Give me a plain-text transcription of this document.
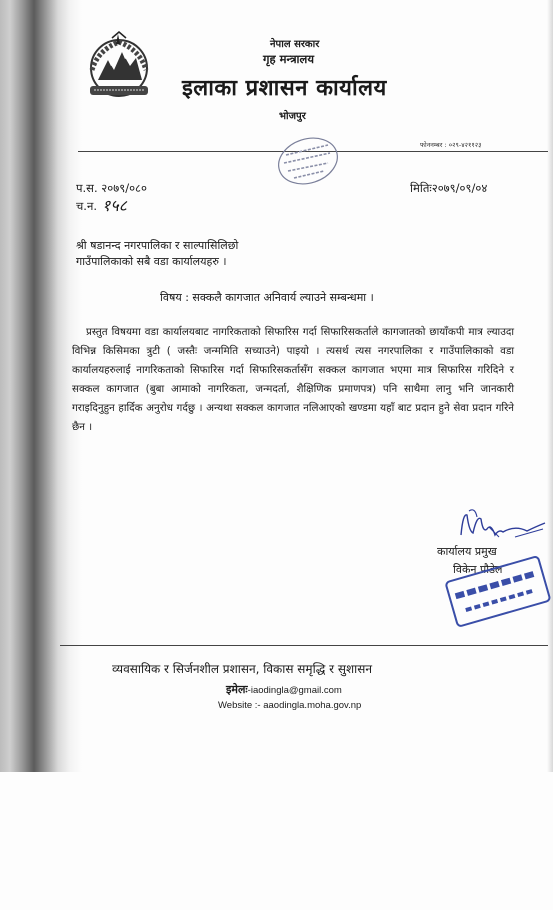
नेपाल सरकार
गृह मन्त्रालय
इलाका प्रशासन कार्यालय
भोजपुर
फोननम्बर : ०२९-४२११२३
प.स. २०७९/०८०
च.न. १५८
मितिः२०७९/०९/०४
श्री षडानन्द नगरपालिका र साल्पासिलिछो
गाउँपालिकाको सबै वडा कार्यालयहरु ।
विषय : सक्कलै कागजात अनिवार्य ल्याउने सम्बन्धमा ।
प्रस्तुत विषयमा वडा कार्यालयबाट नागरिकताको सिफारिस गर्दा सिफारिसकर्ताले कागजातको छायाँकपी मात्र ल्याउदा विभिन्न किसिमका त्रुटी ( जस्तैः जन्ममिति सच्याउने) पाइयो । त्यसर्थ त्यस नगरपालिका र गाउँपालिकाको वडा कार्यालयहरुलाई नागरिकताको सिफारिस गर्दा सिफारिसकर्तासँग सक्कल कागजात भएमा मात्र सिफारिस गरिदिने र सक्कल कागजात (बुबा आमाको नागरिकता, जन्मदर्ता, शैक्षिणिक प्रमाणपत्र) पनि साथैमा लानु भनि जानकारी गराइदिनुहुन हार्दिक अनुरोध गर्दछु । अन्यथा सक्कल कागजात नलिआएको खण्डमा यहाँ बाट प्रदान हुने सेवा प्रदान गरिने छैन ।
कार्यालय प्रमुख
विकेन पौडेल
व्यवसायिक र सिर्जनशील प्रशासन, विकास समृद्धि र सुशासन
इमेलः-iaodingla@gmail.com
Website :- aaodingla.moha.gov.np
